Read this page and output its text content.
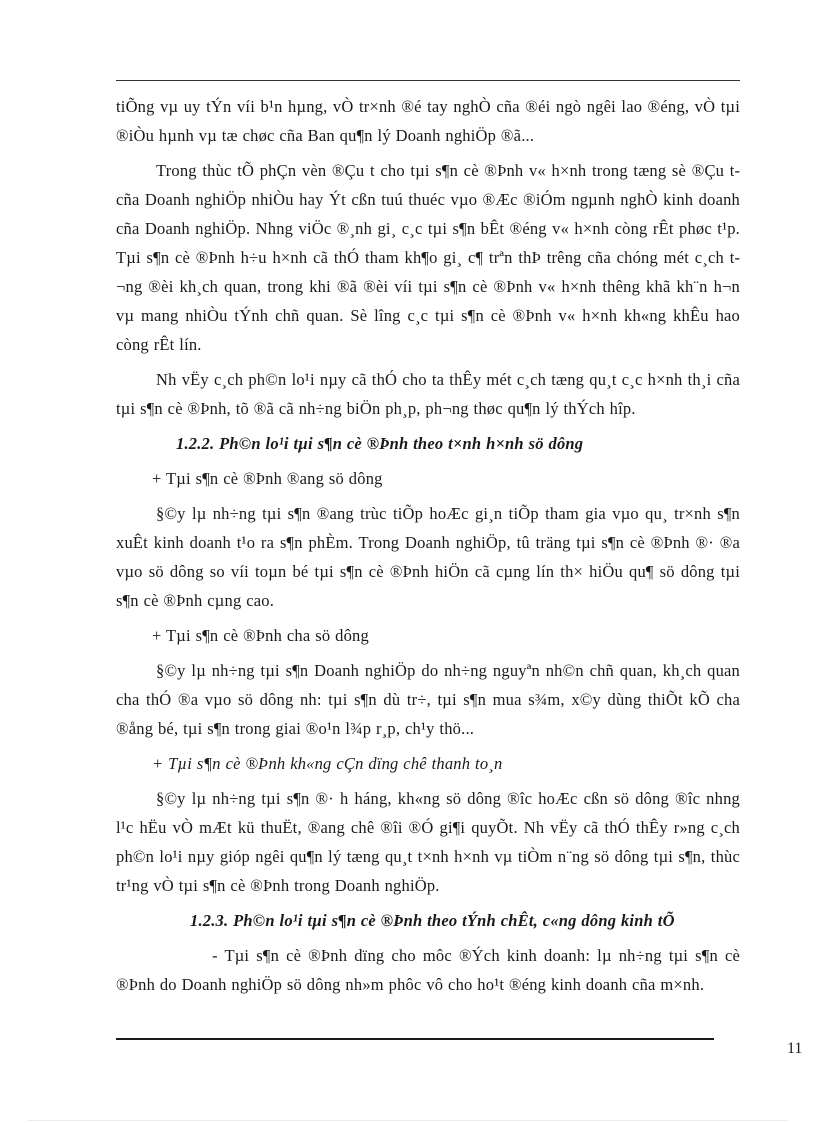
tiÕng vµ uy tÝn víi b¹n hµng, vÒ tr×nh ®é tay nghÒ cña ®éi ngò ngêi lao ®éng, vÒ tµi ®iÒu hµnh vµ tæ chøc cña Ban qu¶n lý Doanh nghiÖp ®ã...

Trong thùc tÕ phÇn vèn ®Çu t cho tµi s¶n cè ®Þnh v« h×nh trong tæng sè ®Çu t cña Doanh nghiÖp nhiÒu hay Ýt cßn tuú thuéc vµo ®Æc ®iÓm ngµnh nghÒ kinh doanh cña Doanh nghiÖp. Nhng viÖc ®¸nh gi¸ c¸c tµi s¶n bÊt ®éng v« h×nh còng rÊt phøc t¹p. Tµi s¶n cè ®Þnh h÷u h×nh cã thÓ tham kh¶o gi¸ c¶ trªn thÞ trêng cña chóng mét c¸ch t¬ng ®èi kh¸ch quan, trong khi ®ã ®èi víi tµi s¶n cè ®Þnh v« h×nh thêng khã kh¨n h¬n vµ mang nhiÒu tÝnh chñ quan. Sè lîng c¸c tµi s¶n cè ®Þnh v« h×nh kh«ng khÊu hao còng rÊt lín.

Nh vËy c¸ch ph©n lo¹i nµy cã thÓ cho ta thÊy mét c¸ch tæng qu¸t c¸c h×nh th¸i cña tµi s¶n cè ®Þnh, tõ ®ã cã nh÷ng biÖn ph¸p, ph¬ng thøc qu¶n lý thÝch hîp.

1.2.2. Ph©n lo¹i tµi s¶n cè ®Þnh theo t×nh h×nh sö dông

+ Tµi s¶n cè ®Þnh ®ang sö dông

§©y lµ nh÷ng tµi s¶n ®ang trùc tiÕp hoÆc gi¸n tiÕp tham gia vµo qu¸ tr×nh s¶n xuÊt kinh doanh t¹o ra s¶n phÈm. Trong Doanh nghiÖp, tû träng tµi s¶n cè ®Þnh ®· ®a vµo sö dông so víi toµn bé tµi s¶n cè ®Þnh hiÖn cã cµng lín th× hiÖu qu¶ sö dông tµi s¶n cè ®Þnh cµng cao.

+ Tµi s¶n cè ®Þnh cha sö dông

§©y lµ nh÷ng tµi s¶n Doanh nghiÖp do nh÷ng nguyªn nh©n chñ quan, kh¸ch quan cha thÓ ®a vµo sö dông nh: tµi s¶n dù tr÷, tµi s¶n mua s¾m, x©y dùng thiÕt kÕ cha ®ång bé, tµi s¶n trong giai ®o¹n l¾p r¸p, ch¹y thö...

+ Tµi s¶n cè ®Þnh kh«ng cÇn dïng chê thanh to¸n

§©y lµ nh÷ng tµi s¶n ®· h háng, kh«ng sö dông ®îc hoÆc cßn sö dông ®îc nhng l¹c hËu vÒ mÆt kü thuËt, ®ang chê ®îi ®Ó gi¶i quyÕt. Nh vËy cã thÓ thÊy r»ng c¸ch ph©n lo¹i nµy gióp ngêi qu¶n lý tæng qu¸t t×nh h×nh vµ tiÒm n¨ng sö dông tµi s¶n, thùc tr¹ng vÒ tµi s¶n cè ®Þnh trong Doanh nghiÖp.

1.2.3. Ph©n lo¹i tµi s¶n cè ®Þnh theo tÝnh chÊt, c«ng dông kinh tÕ

- Tµi s¶n cè ®Þnh dïng cho môc ®Ých kinh doanh: lµ nh÷ng tµi s¶n cè ®Þnh do Doanh nghiÖp sö dông nh»m phôc vô cho ho¹t ®éng kinh doanh cña m×nh.

11
